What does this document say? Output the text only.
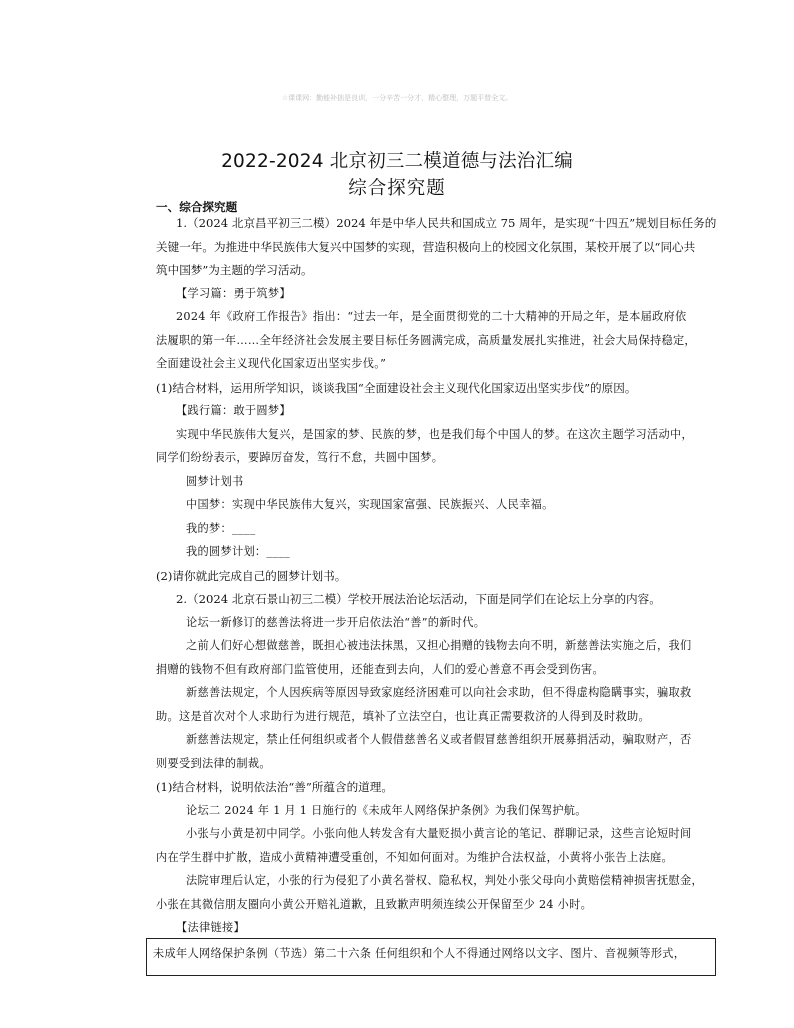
☆课课网：勤能补拙是良训，一分辛苦一分才，精心整理，万题平替全文。
2022-2024 北京初三二模道德与法治汇编
综合探究题
一、综合探究题
1.（2024 北京昌平初三二模）2024 年是中华人民共和国成立 75 周年，是实现“十四五”规划目标任务的
关键一年。为推进中华民族伟大复兴中国梦的实现，营造积极向上的校园文化氛围，某校开展了以“同心共
筑中国梦”为主题的学习活动。
【学习篇：勇于筑梦】
2024 年《政府工作报告》指出：“过去一年，是全面贯彻党的二十大精神的开局之年，是本届政府依
法履职的第一年……全年经济社会发展主要目标任务圆满完成，高质量发展扎实推进，社会大局保持稳定，
全面建设社会主义现代化国家迈出坚实步伐。”
(1)结合材料，运用所学知识，谈谈我国“全面建设社会主义现代化国家迈出坚实步伐”的原因。
【践行篇：敢于圆梦】
实现中华民族伟大复兴，是国家的梦、民族的梦，也是我们每个中国人的梦。在这次主题学习活动中，
同学们纷纷表示，要踔厉奋发，笃行不怠，共圆中国梦。
圆梦计划书
中国梦：实现中华民族伟大复兴，实现国家富强、民族振兴、人民幸福。
我的梦：____
我的圆梦计划：____
(2)请你就此完成自己的圆梦计划书。
2.（2024 北京石景山初三二模）学校开展法治论坛活动，下面是同学们在论坛上分享的内容。
论坛一新修订的慈善法将进一步开启依法治“善”的新时代。
之前人们好心想做慈善，既担心被违法抹黑，又担心捐赠的钱物去向不明，新慈善法实施之后，我们
捐赠的钱物不但有政府部门监管使用，还能查到去向，人们的爱心善意不再会受到伤害。
新慈善法规定，个人因疾病等原因导致家庭经济困难可以向社会求助，但不得虚构隐瞒事实，骗取救
助。这是首次对个人求助行为进行规范，填补了立法空白，也让真正需要救济的人得到及时救助。
新慈善法规定，禁止任何组织或者个人假借慈善名义或者假冒慈善组织开展募捐活动，骗取财产，否
则要受到法律的制裁。
(1)结合材料，说明依法治“善”所蕴含的道理。
论坛二 2024 年 1 月 1 日施行的《未成年人网络保护条例》为我们保驾护航。
小张与小黄是初中同学。小张向他人转发含有大量贬损小黄言论的笔记、群聊记录，这些言论短时间
内在学生群中扩散，造成小黄精神遭受重创，不知如何面对。为维护合法权益，小黄将小张告上法庭。
法院审理后认定，小张的行为侵犯了小黄名誉权、隐私权，判处小张父母向小黄赔偿精神损害抚慰金，
小张在其微信朋友圈向小黄公开赔礼道歉，且致歉声明须连续公开保留至少 24 小时。
【法律链接】
未成年人网络保护条例（节选）第二十六条 任何组织和个人不得通过网络以文字、图片、音视频等形式，
